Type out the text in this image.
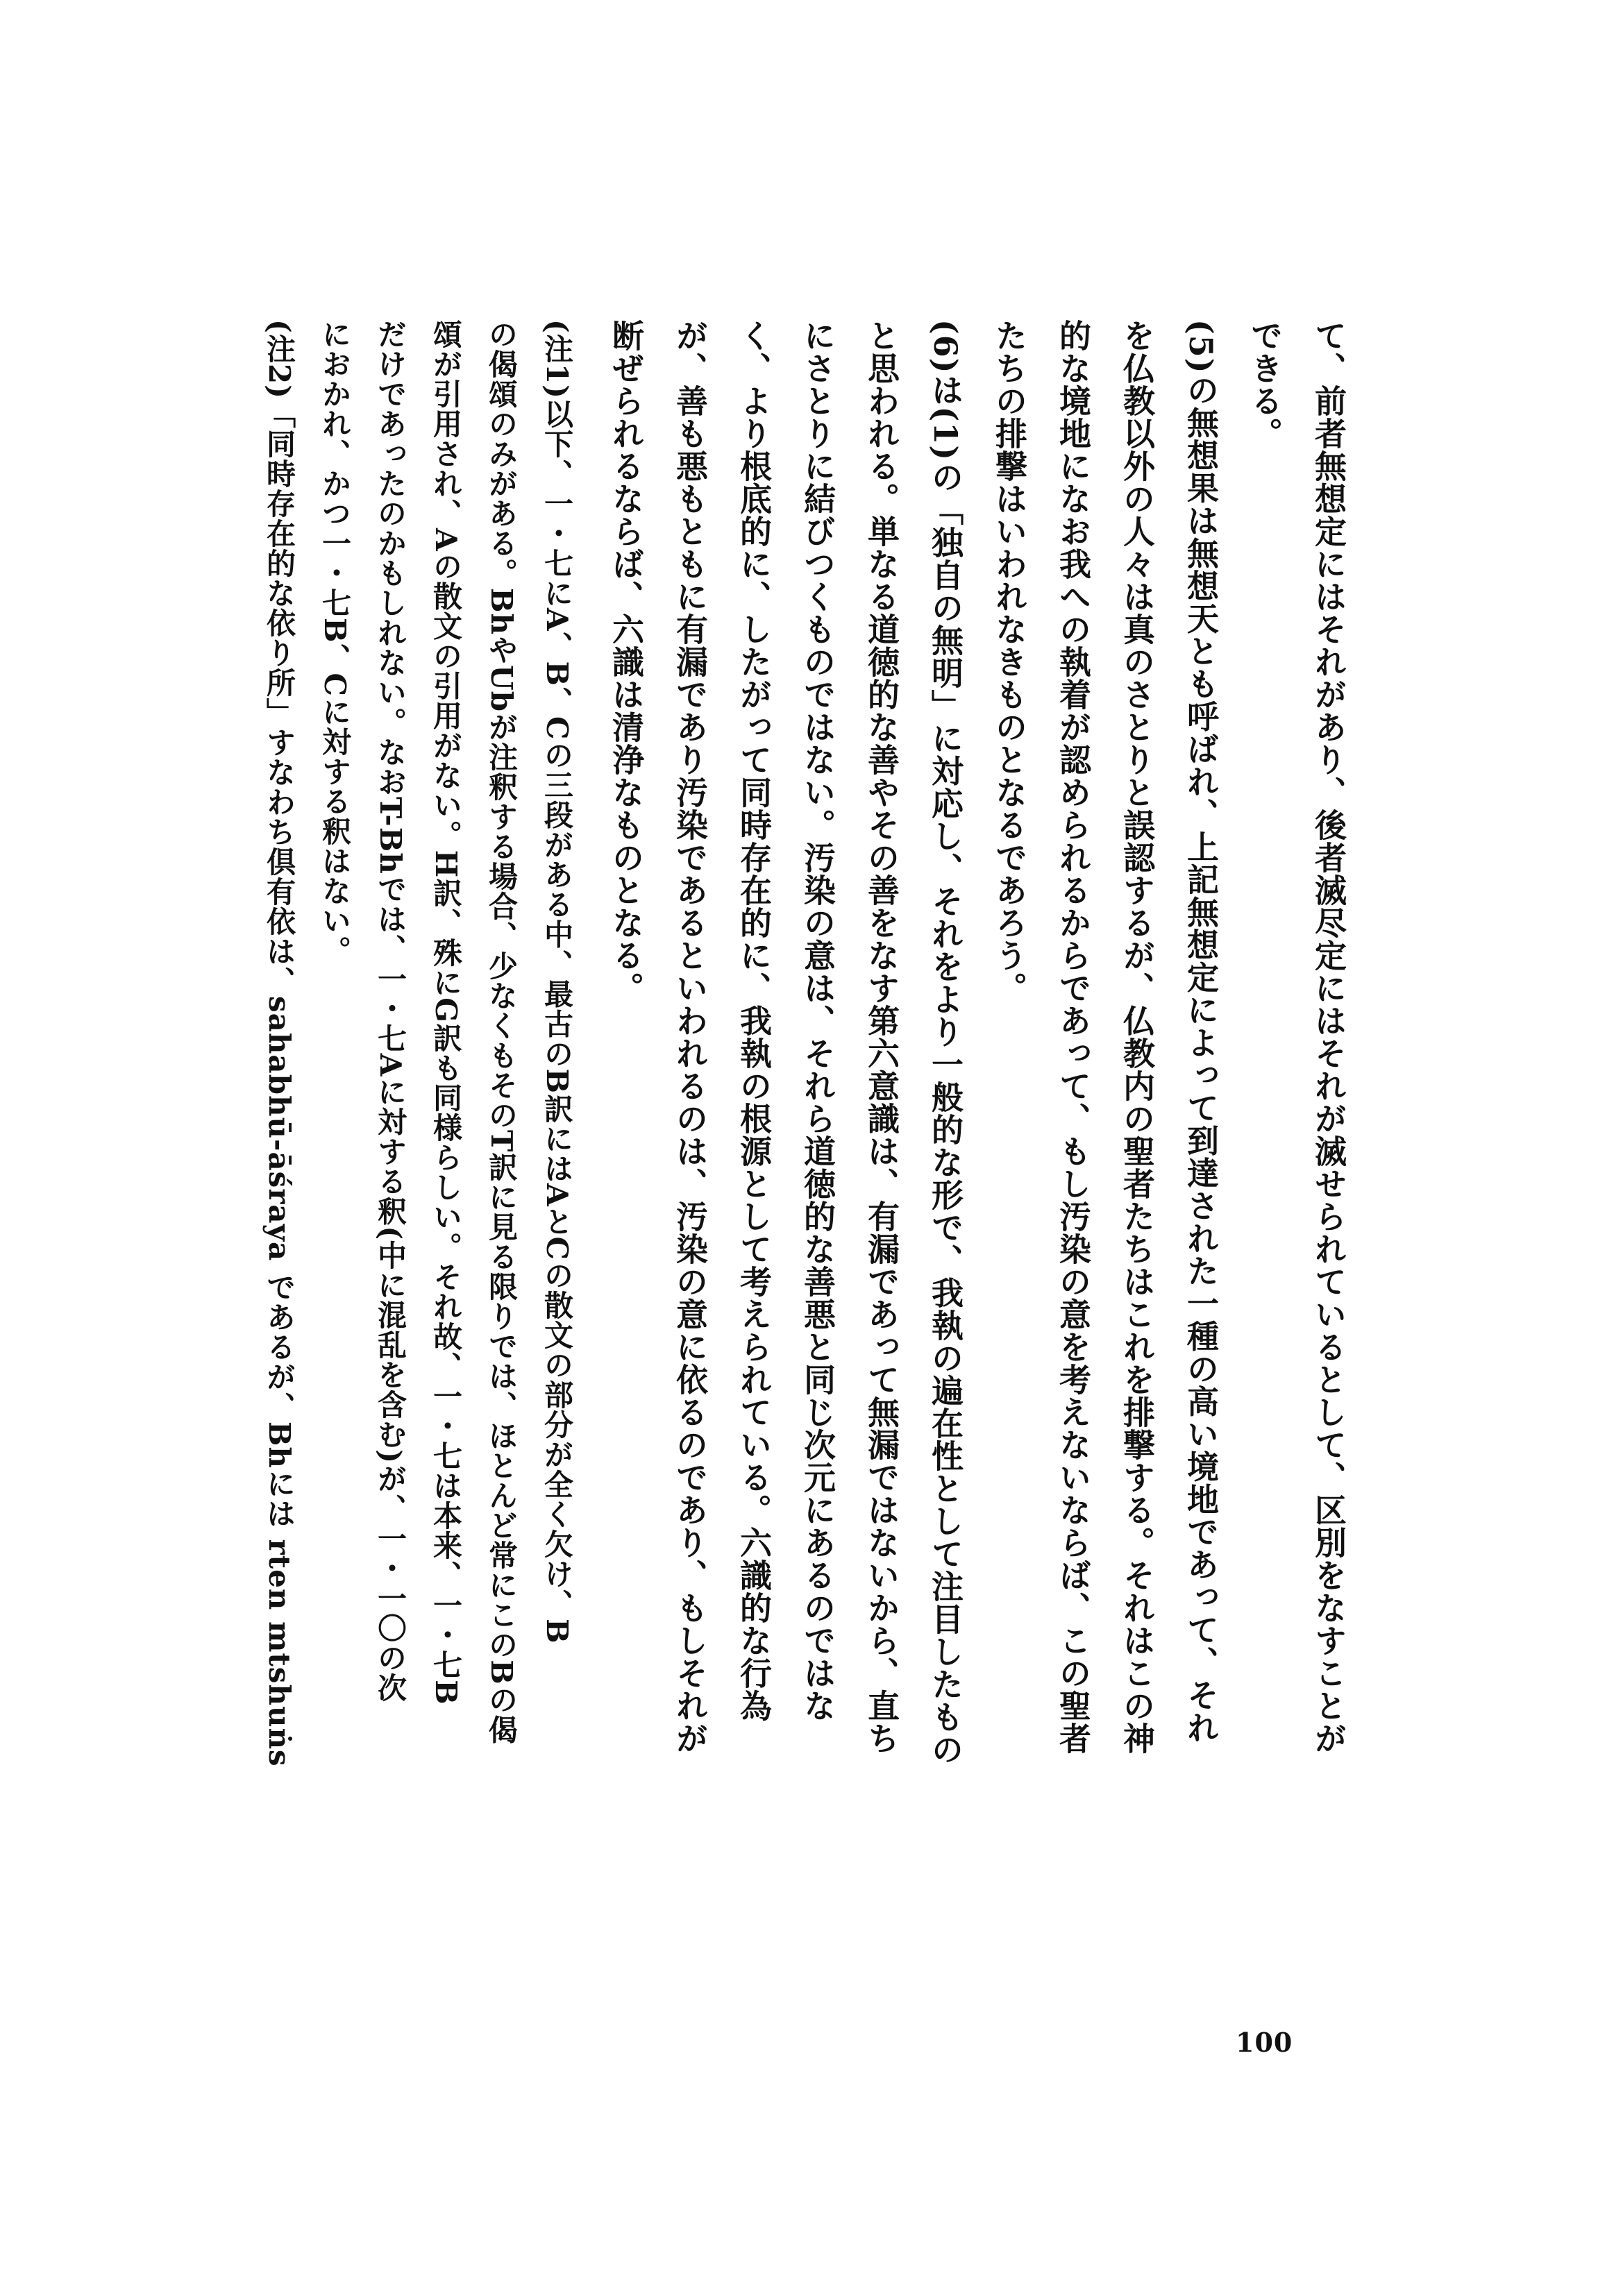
て、前者無想定にはそれがあり、後者滅尽定にはそれが滅せられているとして、区別をなすことが
できる。
(5)の無想果は無想天とも呼ばれ、上記無想定によって到達された一種の高い境地であって、それ
を仏教以外の人々は真のさとりと誤認するが、仏教内の聖者たちはこれを排撃する。それはこの神
的な境地になお我への執着が認められるからであって、もし汚染の意を考えないならば、この聖者
たちの排撃はいわれなきものとなるであろう。
(6)は(1)の「独自の無明」に対応し、それをより一般的な形で、我執の遍在性として注目したもの
と思われる。単なる道徳的な善やその善をなす第六意識は、有漏であって無漏ではないから、直ち
にさとりに結びつくものではない。汚染の意は、それら道徳的な善悪と同じ次元にあるのではな
く、より根底的に、したがって同時存在的に、我執の根源として考えられている。六識的な行為
が、善も悪もともに有漏であり汚染であるといわれるのは、汚染の意に依るのであり、もしそれが
断ぜられるならば、六識は清浄なものとなる。
(注1)以下、一・七にA、B、Cの三段がある中、最古のB訳にはAとCの散文の部分が全く欠け、B
の偈頌のみがある。BhやUbが注釈する場合、少なくもそのT訳に見る限りでは、ほとんど常にこのBの偈
頌が引用され、Aの散文の引用がない。H訳、殊にG訳も同様らしい。それ故、一・七は本来、一・七B
だけであったのかもしれない。なおT-Bhでは、一・七Aに対する釈(中に混乱を含む)が、一・一〇の次
におかれ、かつ一・七B、Cに対する釈はない。
(注2)「同時存在的な依り所」すなわち倶有依は、sahabhū-āśraya であるが、Bhには rten mtshuṅs
100
